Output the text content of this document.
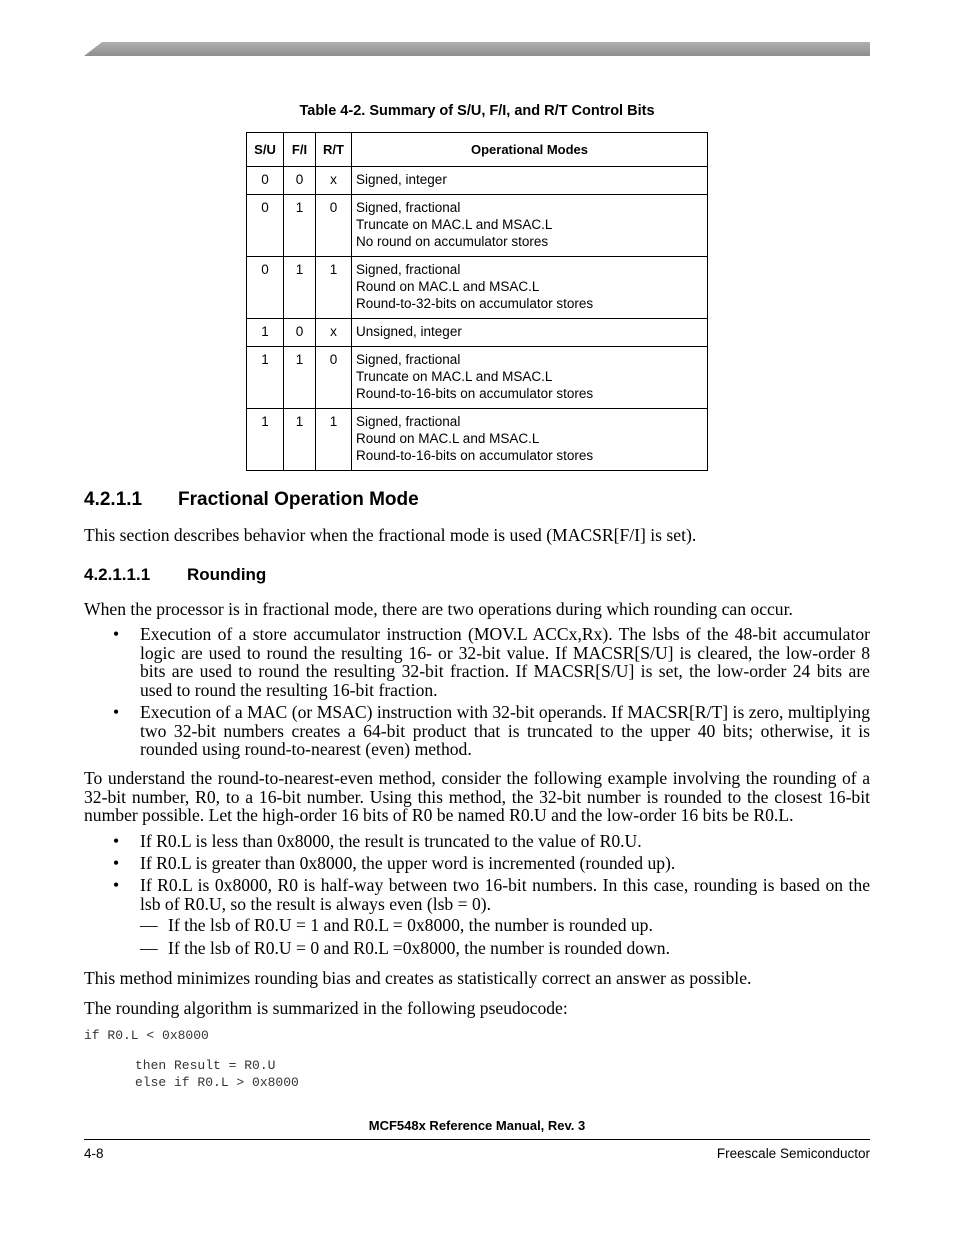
Table 4-2. Summary of S/U, F/I, and R/T Control Bits
S/U	F/I	R/T	Operational Modes
0	0	x	Signed, integer

0	1	0	Signed, fractional
Truncate on MAC.L and MSAC.L
No round on accumulator stores

0	1	1	Signed, fractional
Round on MAC.L and MSAC.L
Round-to-32-bits on accumulator stores

1	0	x	Unsigned, integer

1	1	0	Signed, fractional
Truncate on MAC.L and MSAC.L
Round-to-16-bits on accumulator stores

1	1	1	Signed, fractional
Round on MAC.L and MSAC.L
Round-to-16-bits on accumulator stores
4.2.1.1 Fractional Operation Mode
This section describes behavior when the fractional mode is used (MACSR[F/I] is set).
4.2.1.1.1 Rounding
When the processor is in fractional mode, there are two operations during which rounding can occur.
• Execution of a store accumulator instruction (MOV.L ACCx,Rx). The lsbs of the 48-bit accumulator logic are used to round the resulting 16- or 32-bit value. If MACSR[S/U] is cleared, the low-order 8 bits are used to round the resulting 32-bit fraction. If MACSR[S/U] is set, the low-order 24 bits are used to round the resulting 16-bit fraction.
• Execution of a MAC (or MSAC) instruction with 32-bit operands. If MACSR[R/T] is zero, multiplying two 32-bit numbers creates a 64-bit product that is truncated to the upper 40 bits; otherwise, it is rounded using round-to-nearest (even) method.
To understand the round-to-nearest-even method, consider the following example involving the rounding of a 32-bit number, R0, to a 16-bit number. Using this method, the 32-bit number is rounded to the closest 16-bit number possible. Let the high-order 16 bits of R0 be named R0.U and the low-order 16 bits be R0.L.
• If R0.L is less than 0x8000, the result is truncated to the value of R0.U.
• If R0.L is greater than 0x8000, the upper word is incremented (rounded up).
• If R0.L is 0x8000, R0 is half-way between two 16-bit numbers. In this case, rounding is based on the lsb of R0.U, so the result is always even (lsb = 0).
— If the lsb of R0.U = 1 and R0.L = 0x8000, the number is rounded up.
— If the lsb of R0.U = 0 and R0.L =0x8000, the number is rounded down.
This method minimizes rounding bias and creates as statistically correct an answer as possible.
The rounding algorithm is summarized in the following pseudocode:
if R0.L < 0x8000
then Result = R0.U
else if R0.L > 0x8000
MCF548x Reference Manual, Rev. 3
4-8	Freescale Semiconductor
